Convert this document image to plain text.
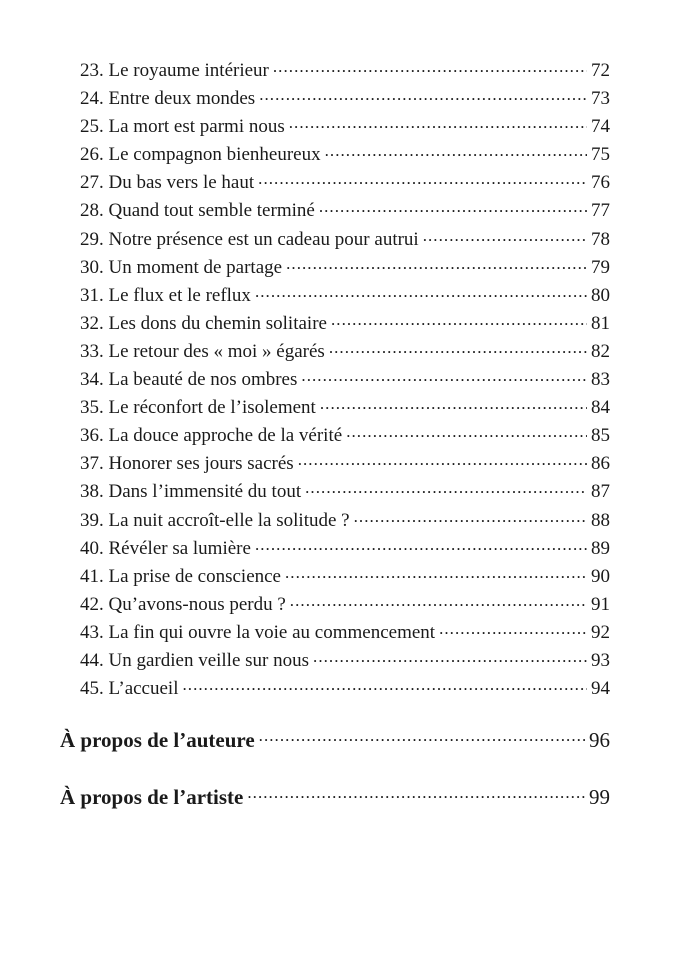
23. Le royaume intérieur . . .	72
24. Entre deux mondes . . .	73
25. La mort est parmi nous . . .	74
26. Le compagnon bienheureux . . .	75
27. Du bas vers le haut . . .	76
28. Quand tout semble terminé . . .	77
29. Notre présence est un cadeau pour autrui . . .	78
30. Un moment de partage . . .	79
31. Le flux et le reflux . . .	80
32. Les dons du chemin solitaire . . .	81
33. Le retour des « moi » égarés . . .	82
34. La beauté de nos ombres . . .	83
35. Le réconfort de l’isolement . . .	84
36. La douce approche de la vérité . . .	85
37. Honorer ses jours sacrés . . .	86
38. Dans l’immensité du tout . . .	87
39. La nuit accroît-elle la solitude ? . . .	88
40. Révéler sa lumière . . .	89
41. La prise de conscience . . .	90
42. Qu’avons-nous perdu ? . . .	91
43. La fin qui ouvre la voie au commencement . . .	92
44. Un gardien veille sur nous . . .	93
45. L’accueil . . .	94
À propos de l’auteure . . .	96
À propos de l’artiste . . .	99
